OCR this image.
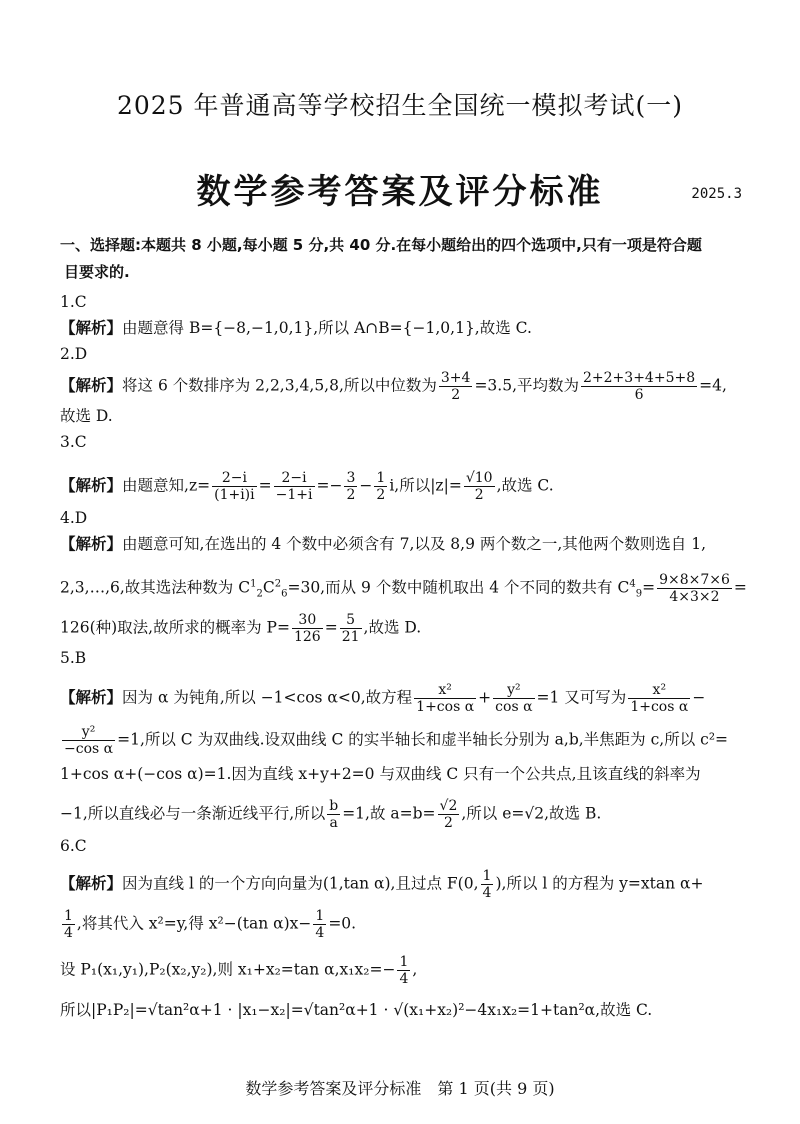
2025 年普通高等学校招生全国统一模拟考试(一)
数学参考答案及评分标准	2025.3
一、选择题:本题共 8 小题,每小题 5 分,共 40 分.在每小题给出的四个选项中,只有一项是符合题
目要求的.
1.C
【解析】由题意得 B={−8,−1,0,1},所以 A∩B={−1,0,1},故选 C.
2.D
【解析】将这 6 个数排序为 2,2,3,4,5,8,所以中位数为 $\frac{3+4}{2} =3.5$,平均数为 $\frac{2+2+3+4+5+8}{6} =4$,
故选 D.
3.C
【解析】由题意知$,z= \frac{2-i}{(1+i)i} = \frac{2-i}{-1+i} =- \frac{3}{2} - \frac{1}{2} i$,所以$|z|= \frac{√10}{2}$ ,故选 C.
4.D
【解析】由题意可知,在选出的 4 个数中必须含有 7,以及 8,9 两个数之一,其他两个数则选自 1,
2,3,…,6,故其选法种数为 $C^1_2C^2_6=30$,而从 9 个数中随机取出 4 个不同的数共有 $C^4_9= \frac{9\times 8\times 7\times 6}{4\times 3\times 2}$ =
126(种)取法,故所求的概率为 $P= \frac{30}{126} = \frac{5}{21}$ ,故选 D.
5.B
【解析】因为 α 为钝角,所以 −1<cos α<0,故方程 $\frac{\text{x²}}{\text{1+cos α}} + \frac{\text{y²}}{\text{cos α}} =1$ 又可写为 $\frac{\text{x²}}{\text{1+cos α}}$ −
$\frac{\text{y²}}{\text{−cos α}} =1$,所以 C 为双曲线.设双曲线 C 的实半轴长和虚半轴长分别为 a,b,半焦距为 c,所以 c²=
1+cos α+(−cos α)=1.因为直线 x+y+2=0 与双曲线 C 只有一个公共点,且该直线的斜率为
−1,所以直线必与一条渐近线平行,所以 $\frac{b}{a} =1$,故 $a=b= \frac{√2}{2}$ ,所以 e=√2,故选 B.
6.C
【解析】因为直线 l 的一个方向向量为(1,tan α),且过点 F(0, $\frac{1}{4}$ ),所以 l 的方程为 y=xtan α+
$\frac{1}{4}$ ,将其代入 x²=y,得 x²−(tan $\alpha)x- \frac{1}{4} =0$.
设 P₁(x₁,y₁),P₂(x₂,y₂),则 x₁+x₂=tan $\alpha,x_1x_2=- \frac{1}{4}$ ,
所以|P₁P₂|=√tan²α+1 · |x₁−x₂|=√tan²α+1 · √(x₁+x₂)²−4x₁x₂=1+tan²α,故选 C.
数学参考答案及评分标准　第 1 页(共 9 页)
